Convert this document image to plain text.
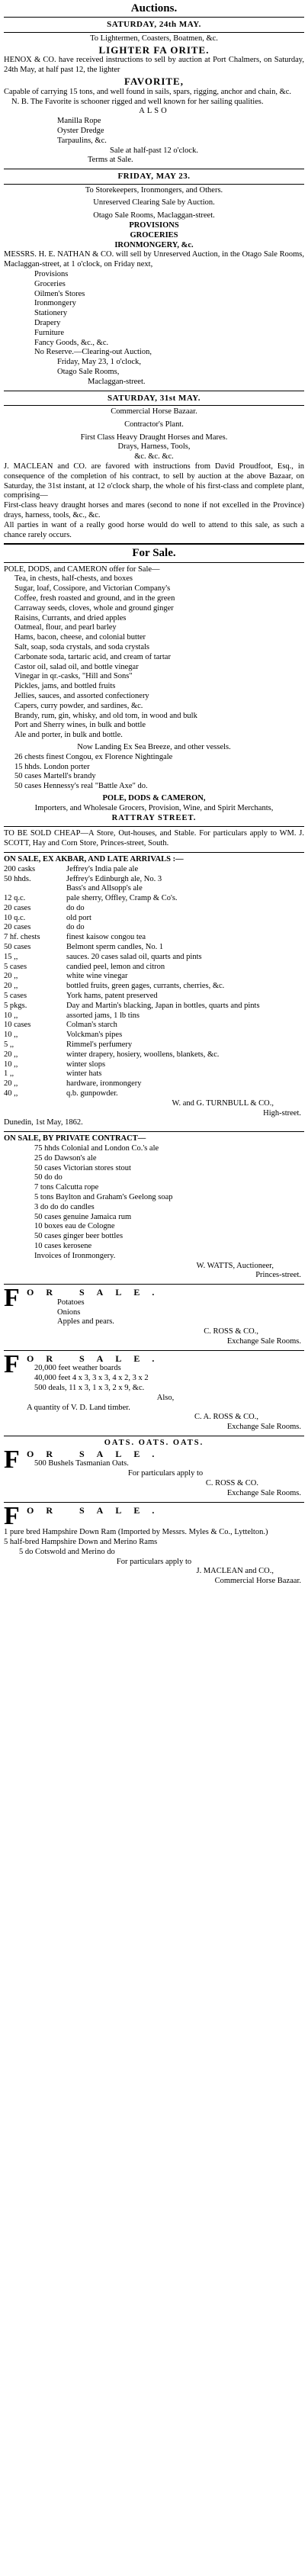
Auctions.
SATURDAY, 24th MAY.
To Lightermen, Coasters, Boatmen, &c.
LIGHTER FA ORITE.
HENOX & CO. have received instructions to sell by auction at Port Chalmers, on Saturday, 24th May, at half past 12, the lighter
FAVORITE,
Capable of carrying 15 tons, and well found in sails, spars, rigging, anchor and chain, &c.
N. B. The Favorite is schooner rigged and well known for her sailing qualities.
ALSO
Manilla Rope
Oyster Dredge
Tarpaulins, &c.
Sale at half-past 12 o'clock.
Terms at Sale.
FRIDAY, MAY 23.
To Storekeepers, Ironmongers, and Others.
Unreserved Clearing Sale by Auction.
Otago Sale Rooms, Maclaggan-street.
PROVISIONS
GROCERIES
IRONMONGERY, &c.
MESSRS. H. E. NATHAN & CO. will sell by Unreserved Auction, in the Otago Sale Rooms, Maclaggan-street, at 1 o'clock, on Friday next,
Provisions
Groceries
Oilmen's Stores
Ironmongery
Stationery
Drapery
Furniture
Fancy Goods, &c., &c.
No Reserve.—Clearing-out Auction,
Friday, May 23, 1 o'clock,
Otago Sale Rooms,
Maclaggan-street.
SATURDAY, 31st MAY.
Commercial Horse Bazaar.
Contractor's Plant.
First Class Heavy Draught Horses and Mares.
Drays, Harness, Tools,
&c. &c. &c.
J. MACLEAN and CO. are favored with instructions from David Proudfoot, Esq., in consequence of the completion of his contract, to sell by auction at the above Bazaar, on Saturday, the 31st instant, at 12 o'clock sharp, the whole of his first-class and complete plant, comprising—
First-class heavy draught horses and mares (second to none if not excelled in the Province) drays, harness, tools, &c., &c.
All parties in want of a really good horse would do well to attend to this sale, as such a chance rarely occurs.
For Sale.
POLE, DODS, and CAMERON offer for Sale—
Tea, in chests, half-chests, and boxes
Sugar, loaf, Cossipore, and Victorian Company's
Coffee, fresh roasted and ground, and in the green
Carraway seeds, cloves, whole and ground ginger
Raisins, Currants, and dried apples
Oatmeal, flour, and pearl barley
Hams, bacon, cheese, and colonial butter
Salt, soap, soda crystals, and soda crystals
Carbonate soda, tartaric acid, and cream of tartar
Castor oil, salad oil, and bottle vinegar
Vinegar in qr.-casks, "Hill and Sons"
Pickles, jams, and bottled fruits
Jellies, sauces, and assorted confectionery
Capers, curry powder, and sardines, &c.
Brandy, rum, gin, whisky, and old tom, in wood and bulk
Port and Sherry wines, in bulk and bottle
Ale and porter, in bulk and bottle.
Now Landing Ex Sea Breeze, and other vessels.
26 chests finest Congou, ex Florence Nightingale
15 hhds. London porter
50 cases Martell's brandy
50 cases Hennessy's real "Battle Axe" do.
POLE, DODS & CAMERON,
Importers, and Wholesale Grocers, Provision, Wine, and Spirit Merchants,
RATTRAY STREET.
TO BE SOLD CHEAP—A Store, Out-houses, and Stable. For particulars apply to WM. J. SCOTT, Hay and Corn Store, Princes-street, South.
ON SALE, EX AKBAR, AND LATE ARRIVALS :—
200 casks	Jeffrey's India pale ale
50 hhds.	Jeffrey's Edinburgh ale, No. 3
Bass's and Allsopp's ale
12 q.c.	pale sherry, Offley, Cramp & Co's.
20 cases	do do
10 q.c.	old port
20 cases	do do
7 hf. chests	finest kaisow congou tea
50 cases	Belmont sperm candles, No. 1
15 ,,	sauces. 20 cases salad oil, quarts and pints
5 cases	candied peel, lemon and citron
20 ,,	white wine vinegar
20 ,,	bottled fruits, green gages, currants, cherries, &c.
5 cases	York hams, patent preserved
5 pkgs.	Day and Martin's blacking, Japan in bottles, quarts and pints
10 ,,	assorted jams, 1 lb tins
10 cases	Colman's starch
10 ,,	Volckman's pipes
5 ,,	Rimmel's perfumery
20 ,,	winter drapery, hosiery, woollens, blankets, &c.
10 ,,	winter slops
1 ,,	winter hats
20 ,,	hardware, ironmongery
40 ,,	q.b. gunpowder.
W. and G. TURNBULL & CO.,
High-street.
Dunedin, 1st May, 1862.
ON SALE, BY PRIVATE CONTRACT—
75 hhds Colonial and London Co.'s ale
25 do Dawson's ale
50 cases Victorian stores stout
50 do do
7 tons Calcutta rope
5 tons Baylton and Graham's Geelong soap
3 do do do candles
50 cases genuine Jamaica rum
10 boxes eau de Cologne
50 cases ginger beer bottles
10 cases kerosene
Invoices of Ironmongery.
W. WATTS, Auctioneer,
Princes-street.
F OR SALE.
Potatoes
Onions
Apples and pears.
C. ROSS & CO.,
Exchange Sale Rooms.
F OR SALE.
20,000 feet weather boards
40,000 feet 4 x 3, 3 x 3, 4 x 2, 3 x 2
500 deals, 11 x 3, 1 x 3, 2 x 9, &c.
Also,
A quantity of V. D. Land timber.
C. A. ROSS & CO.,
Exchange Sale Rooms.
OATS. OATS. OATS.
F OR SALE.
500 Bushels Tasmanian Oats.
For particulars apply to
C. ROSS & CO.
Exchange Sale Rooms.
F OR SALE.
1 pure bred Hampshire Down Ram (Imported by Messrs. Myles & Co., Lyttelton.)
5 half-bred Hampshire Down and Merino Rams
5 do Cotswold and Merino do
For particulars apply to
J. MACLEAN and CO.,
Commercial Horse Bazaar.
